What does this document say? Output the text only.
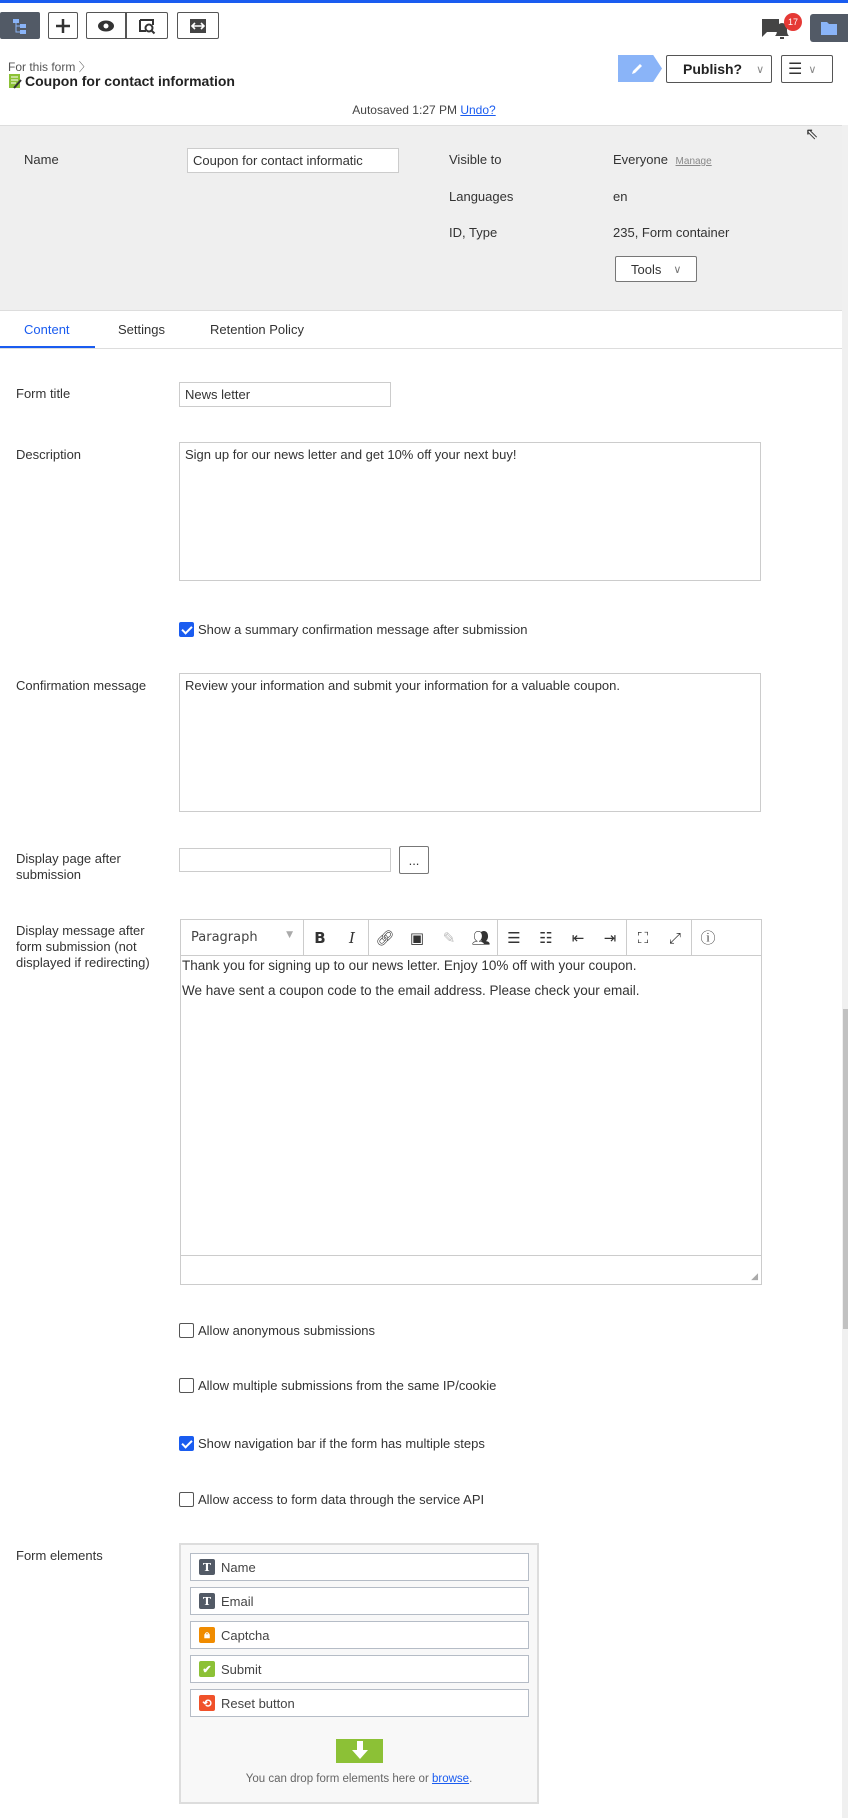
17
For this form 〉
Coupon for contact information
Publish? ∨ ☰ ∨
Autosaved 1:27 PM Undo?
⇖
Name
Coupon for contact informatic	Visible to	Everyone Manage
Languages	en
ID, Type	235, Form container
Tools ∨
Content	Settings	Retention Policy
Form title
News letter
Description	Sign up for our news letter and get 10% off your next buy!
Show a summary confirmation message after submission
Confirmation message	Review your information and submit your information for a valuable coupon.
Display page after submission
...
Display message after form submission (not displayed if redirecting)
Paragraph	▼	B	I	🔗︎	▣	✎	👥︎	☰	☷	⇤	⇥	⛶	⤢	ⓘ

Thank you for signing up to our news letter. Enjoy 10% off with your coupon.

We have sent a coupon code to the email address. Please check your email.

◢
Allow anonymous submissions
Allow multiple submissions from the same IP/cookie
Show navigation bar if the form has multiple steps
Allow access to form data through the service API
Form elements
T Name
T Email
🔒︎ Captcha
✔ Submit
⟲ Reset button
You can drop form elements here or browse.
